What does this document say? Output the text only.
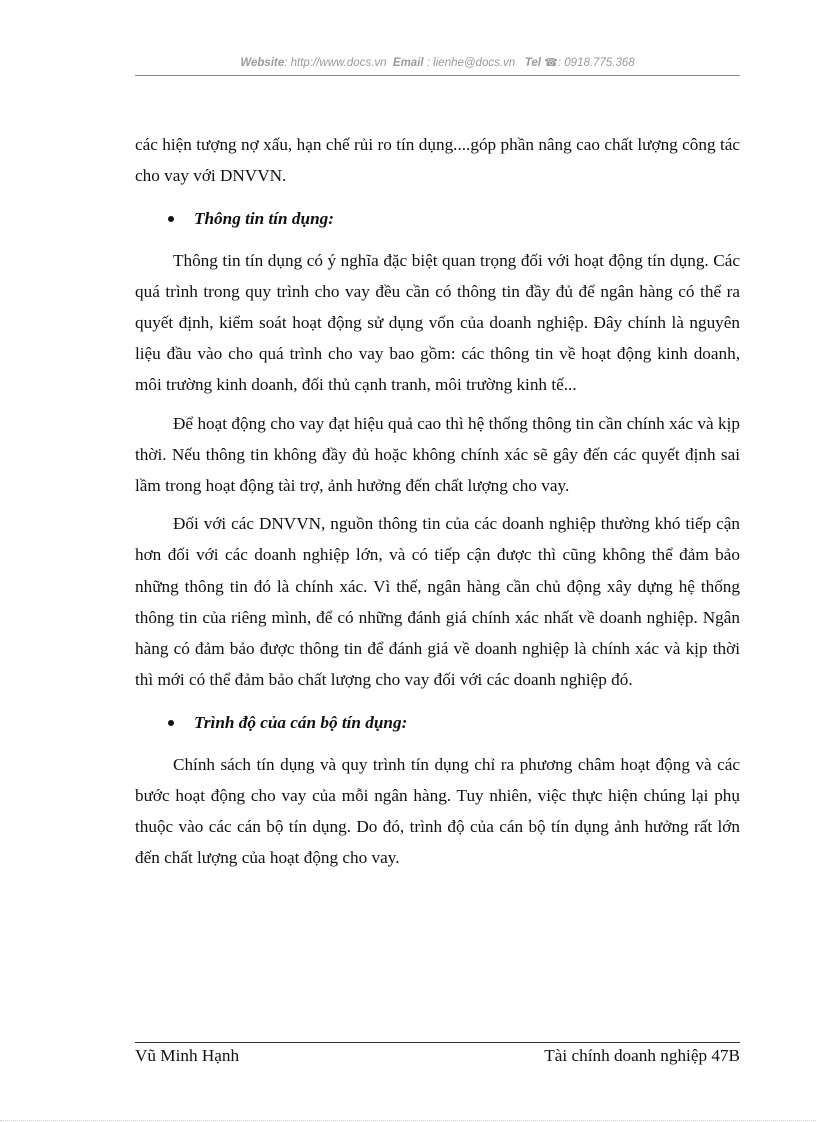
Website: http://www.docs.vn Email : lienhe@docs.vn Tel ☎: 0918.775.368

các hiện tượng nợ xấu, hạn chế rủi ro tín dụng....góp phần nâng cao chất lượng công tác cho vay với DNVVN.

Thông tin tín dụng:

Thông tin tín dụng có ý nghĩa đặc biệt quan trọng đối với hoạt động tín dụng. Các quá trình trong quy trình cho vay đều cần có thông tin đầy đủ để ngân hàng có thể ra quyết định, kiểm soát hoạt động sử dụng vốn của doanh nghiệp. Đây chính là nguyên liệu đầu vào cho quá trình cho vay bao gồm: các thông tin về hoạt động kinh doanh, môi trường kinh doanh, đối thủ cạnh tranh, môi trường kinh tế...

Để hoạt động cho vay đạt hiệu quả cao thì hệ thống thông tin cần chính xác và kịp thời. Nếu thông tin không đầy đủ hoặc không chính xác sẽ gây đến các quyết định sai lầm trong hoạt động tài trợ, ảnh hưởng đến chất lượng cho vay.

Đối với các DNVVN, nguồn thông tin của các doanh nghiệp thường khó tiếp cận hơn đối với các doanh nghiệp lớn, và có tiếp cận được thì cũng không thể đảm bảo những thông tin đó là chính xác. Vì thế, ngân hàng cần chủ động xây dựng hệ thống thông tin của riêng mình, để có những đánh giá chính xác nhất về doanh nghiệp. Ngân hàng có đảm bảo được thông tin để đánh giá về doanh nghiệp là chính xác và kịp thời thì mới có thể đảm bảo chất lượng cho vay đối với các doanh nghiệp đó.

Trình độ của cán bộ tín dụng:

Chính sách tín dụng và quy trình tín dụng chỉ ra phương châm hoạt động và các bước hoạt động cho vay của mỗi ngân hàng. Tuy nhiên, việc thực hiện chúng lại phụ thuộc vào các cán bộ tín dụng. Do đó, trình độ của cán bộ tín dụng ảnh hưởng rất lớn đến chất lượng của hoạt động cho vay.

Vũ Minh Hạnh	Tài chính doanh nghiệp 47B
